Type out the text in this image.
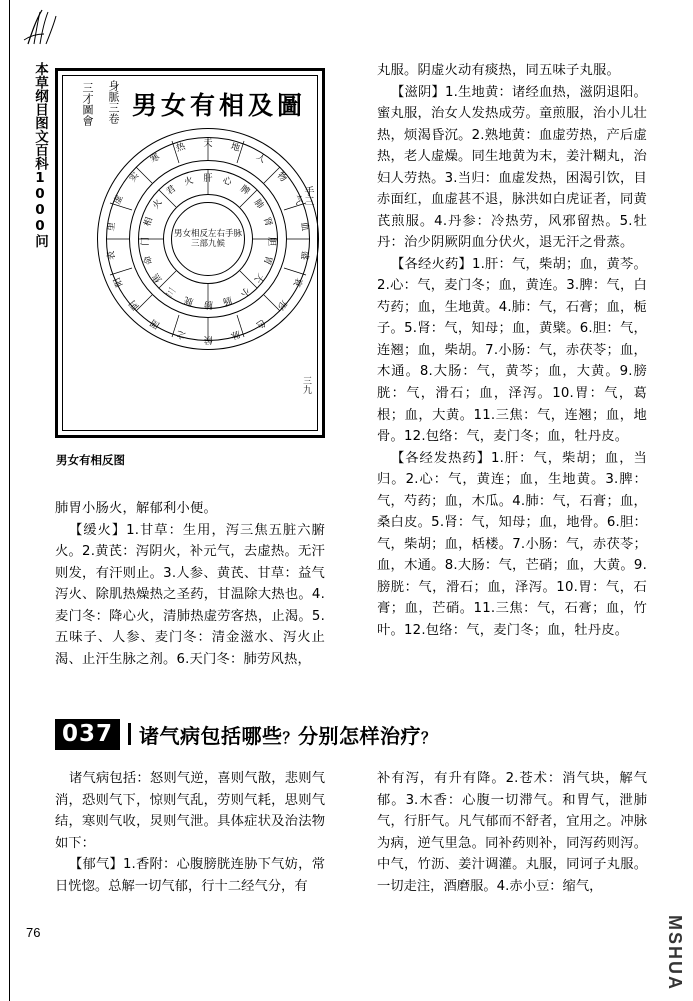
本草纲目图文百科1000问	三才圖會	身脈三卷 男女有相及圖
手三
三九
天 地
人
物
气
血
盛
衰
形
色
脉
候
之
图
阴
阳
表
里
虚
实
寒
热
肝 心
脾
肺
肾
胆
胃
大
小
肠
膀
胱
三
焦
命
门
相
火
君
火
男女相反左右手脉三部九候
男女有相反图

肺胃小肠火，解郁利小便。

【缓火】1.甘草：生用，泻三焦五脏六腑火。2.黄芪：泻阴火，补元气，去虚热。无汗则发，有汗则止。3.人参、黄芪、甘草：益气泻火、除肌热燥热之圣药，甘温除大热也。4.麦门冬：降心火，清肺热虚劳客热，止渴。5.五味子、人参、麦门冬：清金滋水、泻火止渴、止汗生脉之剂。6.天门冬：肺劳风热，

丸服。阴虚火动有痰热，同五味子丸服。

【滋阴】1.生地黄：诸经血热，滋阴退阳。蜜丸服，治女人发热成劳。童煎服，治小儿壮热，烦渴昏沉。2.熟地黄：血虚劳热，产后虚热，老人虚燥。同生地黄为末，姜汁糊丸，治妇人劳热。3.当归：血虚发热，困渴引饮，目赤面红，血虚甚不退，脉洪如白虎证者，同黄芪煎服。4.丹参：冷热劳，风邪留热。5.牡丹：治少阴厥阴血分伏火，退无汗之骨蒸。

【各经火药】1.肝：气，柴胡；血，黄芩。2.心：气，麦门冬；血，黄连。3.脾：气，白芍药；血，生地黄。4.肺：气，石膏；血，栀子。5.肾：气，知母；血，黄檗。6.胆：气，连翘；血，柴胡。7.小肠：气，赤茯苓；血，木通。8.大肠：气，黄芩；血，大黄。9.膀胱：气，滑石；血，泽泻。10.胃：气，葛根；血，大黄。11.三焦：气，连翘；血，地骨。12.包络：气，麦门冬；血，牡丹皮。

【各经发热药】1.肝：气，柴胡；血，当归。2.心：气，黄连；血，生地黄。3.脾：气，芍药；血，木瓜。4.肺：气，石膏；血，桑白皮。5.肾：气，知母；血，地骨。6.胆：气，柴胡；血，栝楼。7.小肠：气，赤茯苓；血，木通。8.大肠：气，芒硝；血，大黄。9.膀胱：气，滑石；血，泽泻。10.胃：气，石膏；血，芒硝。11.三焦：气，石膏；血，竹叶。12.包络：气，麦门冬；血，牡丹皮。

037	诸气病包括哪些？分别怎样治疗？

诸气病包括：怒则气逆，喜则气散，悲则气消，恐则气下，惊则气乱，劳则气耗，思则气结，寒则气收，炅则气泄。具体症状及治法物如下：

【郁气】1.香附：心腹膀胱连胁下气妨，常日恍惚。总解一切气郁，行十二经气分，有

补有泻，有升有降。2.苍术：消气块，解气郁。3.木香：心腹一切滞气。和胃气，泄肺气，行肝气。凡气郁而不舒者，宜用之。冲脉为病，逆气里急。同补药则补，同泻药则泻。中气，竹沥、姜汁调灌。丸服，同诃子丸服。一切走注，酒磨服。4.赤小豆：缩气，

76	MSHUA
